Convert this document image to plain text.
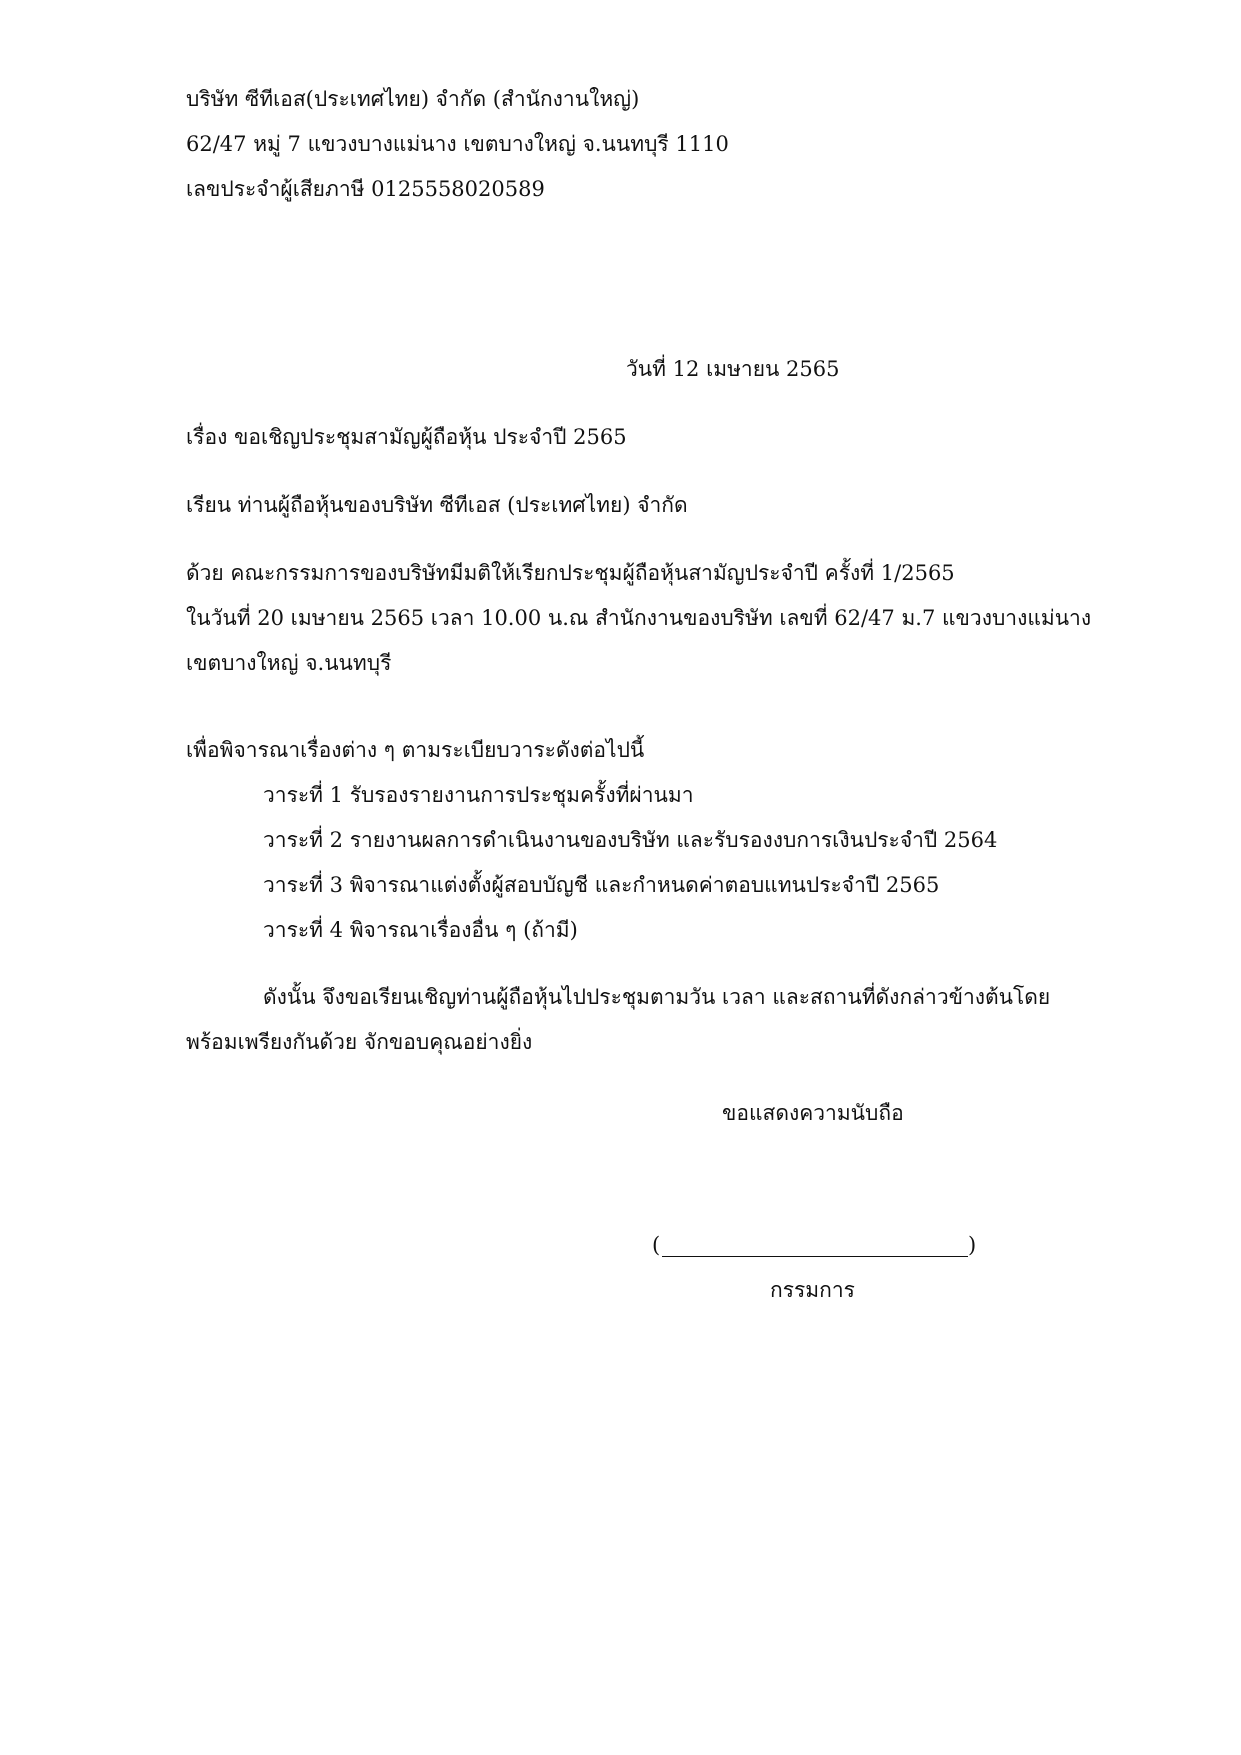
บริษัท ซีทีเอส(ประเทศไทย) จำกัด (สำนักงานใหญ่)
62/47 หมู่ 7 แขวงบางแม่นาง เขตบางใหญ่ จ.นนทบุรี 1110
เลขประจำผู้เสียภาษี 0125558020589
วันที่ 12 เมษายน 2565
เรื่อง ขอเชิญประชุมสามัญผู้ถือหุ้น ประจำปี 2565
เรียน ท่านผู้ถือหุ้นของบริษัท ซีทีเอส (ประเทศไทย) จำกัด
ด้วย คณะกรรมการของบริษัทมีมติให้เรียกประชุมผู้ถือหุ้นสามัญประจำปี ครั้งที่ 1/2565
ในวันที่ 20 เมษายน 2565 เวลา 10.00 น.ณ สำนักงานของบริษัท เลขที่ 62/47 ม.7 แขวงบางแม่นาง
เขตบางใหญ่ จ.นนทบุรี
เพื่อพิจารณาเรื่องต่าง ๆ ตามระเบียบวาระดังต่อไปนี้
วาระที่ 1 รับรองรายงานการประชุมครั้งที่ผ่านมา
วาระที่ 2 รายงานผลการดำเนินงานของบริษัท และรับรองงบการเงินประจำปี 2564
วาระที่ 3 พิจารณาแต่งตั้งผู้สอบบัญชี และกำหนดค่าตอบแทนประจำปี 2565
วาระที่ 4 พิจารณาเรื่องอื่น ๆ (ถ้ามี)
ดังนั้น จึงขอเรียนเชิญท่านผู้ถือหุ้นไปประชุมตามวัน เวลา และสถานที่ดังกล่าวข้างต้นโดย
พร้อมเพรียงกันด้วย จักขอบคุณอย่างยิ่ง
ขอแสดงความนับถือ
(	)
กรรมการ
